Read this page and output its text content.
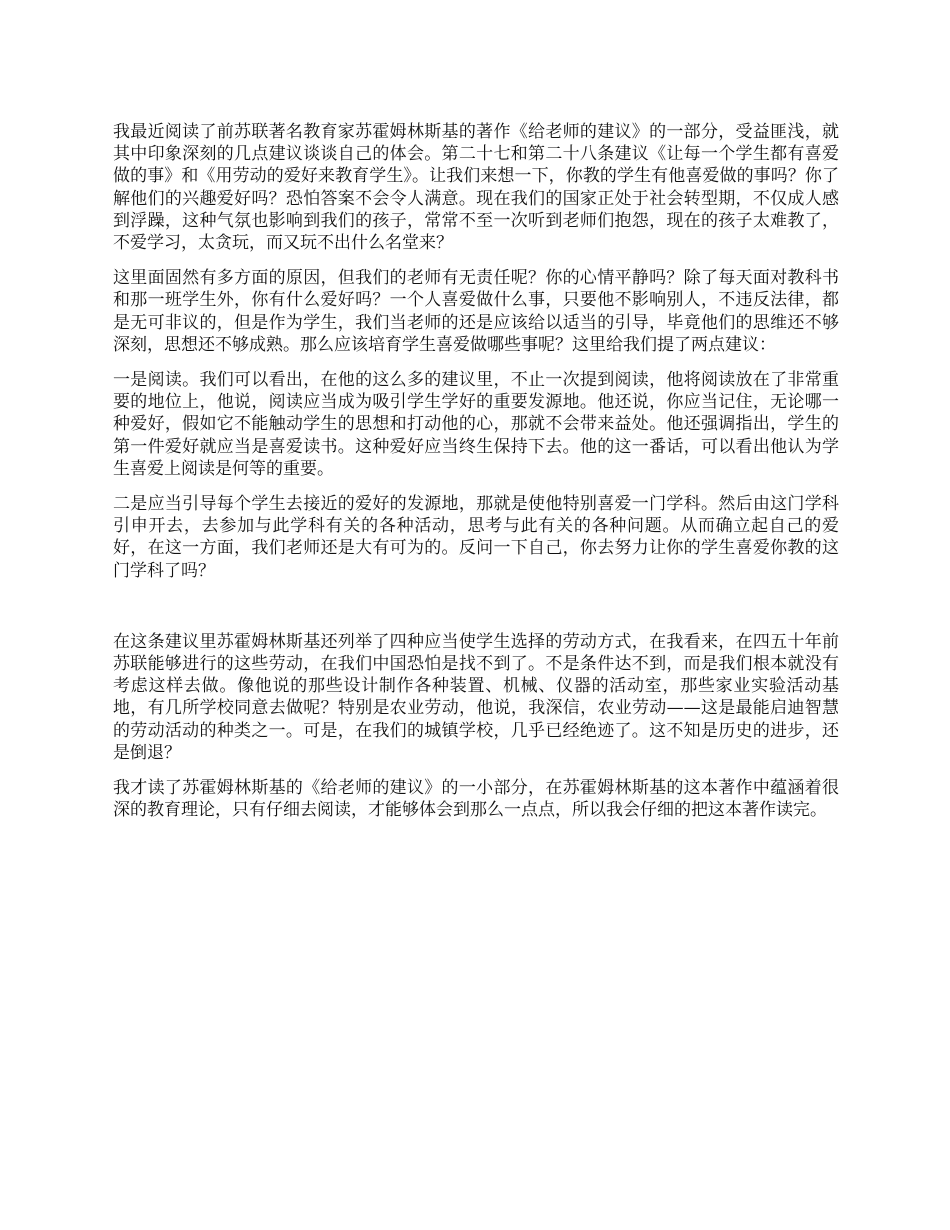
我最近阅读了前苏联著名教育家苏霍姆林斯基的著作《给老师的建议》的一部分，受益匪浅，就其中印象深刻的几点建议谈谈自己的体会。第二十七和第二十八条建议《让每一个学生都有喜爱做的事》和《用劳动的爱好来教育学生》。让我们来想一下，你教的学生有他喜爱做的事吗？你了解他们的兴趣爱好吗？恐怕答案不会令人满意。现在我们的国家正处于社会转型期，不仅成人感到浮躁，这种气氛也影响到我们的孩子，常常不至一次听到老师们抱怨，现在的孩子太难教了，不爱学习，太贪玩，而又玩不出什么名堂来？

这里面固然有多方面的原因，但我们的老师有无责任呢？你的心情平静吗？除了每天面对教科书和那一班学生外，你有什么爱好吗？一个人喜爱做什么事，只要他不影响别人，不违反法律，都是无可非议的，但是作为学生，我们当老师的还是应该给以适当的引导，毕竟他们的思维还不够深刻，思想还不够成熟。那么应该培育学生喜爱做哪些事呢？这里给我们提了两点建议：

一是阅读。我们可以看出，在他的这么多的建议里，不止一次提到阅读，他将阅读放在了非常重要的地位上，他说，阅读应当成为吸引学生学好的重要发源地。他还说，你应当记住，无论哪一种爱好，假如它不能触动学生的思想和打动他的心，那就不会带来益处。他还强调指出，学生的第一件爱好就应当是喜爱读书。这种爱好应当终生保持下去。他的这一番话，可以看出他认为学生喜爱上阅读是何等的重要。

二是应当引导每个学生去接近的爱好的发源地，那就是使他特别喜爱一门学科。然后由这门学科引申开去，去参加与此学科有关的各种活动，思考与此有关的各种问题。从而确立起自己的爱好，在这一方面，我们老师还是大有可为的。反问一下自己，你去努力让你的学生喜爱你教的这门学科了吗？

在这条建议里苏霍姆林斯基还列举了四种应当使学生选择的劳动方式，在我看来，在四五十年前苏联能够进行的这些劳动，在我们中国恐怕是找不到了。不是条件达不到，而是我们根本就没有考虑这样去做。像他说的那些设计制作各种装置、机械、仪器的活动室，那些家业实验活动基地，有几所学校同意去做呢？特别是农业劳动，他说，我深信，农业劳动——这是最能启迪智慧的劳动活动的种类之一。可是，在我们的城镇学校，几乎已经绝迹了。这不知是历史的进步，还是倒退？

我才读了苏霍姆林斯基的《给老师的建议》的一小部分，在苏霍姆林斯基的这本著作中蕴涵着很深的教育理论，只有仔细去阅读，才能够体会到那么一点点，所以我会仔细的把这本著作读完。
